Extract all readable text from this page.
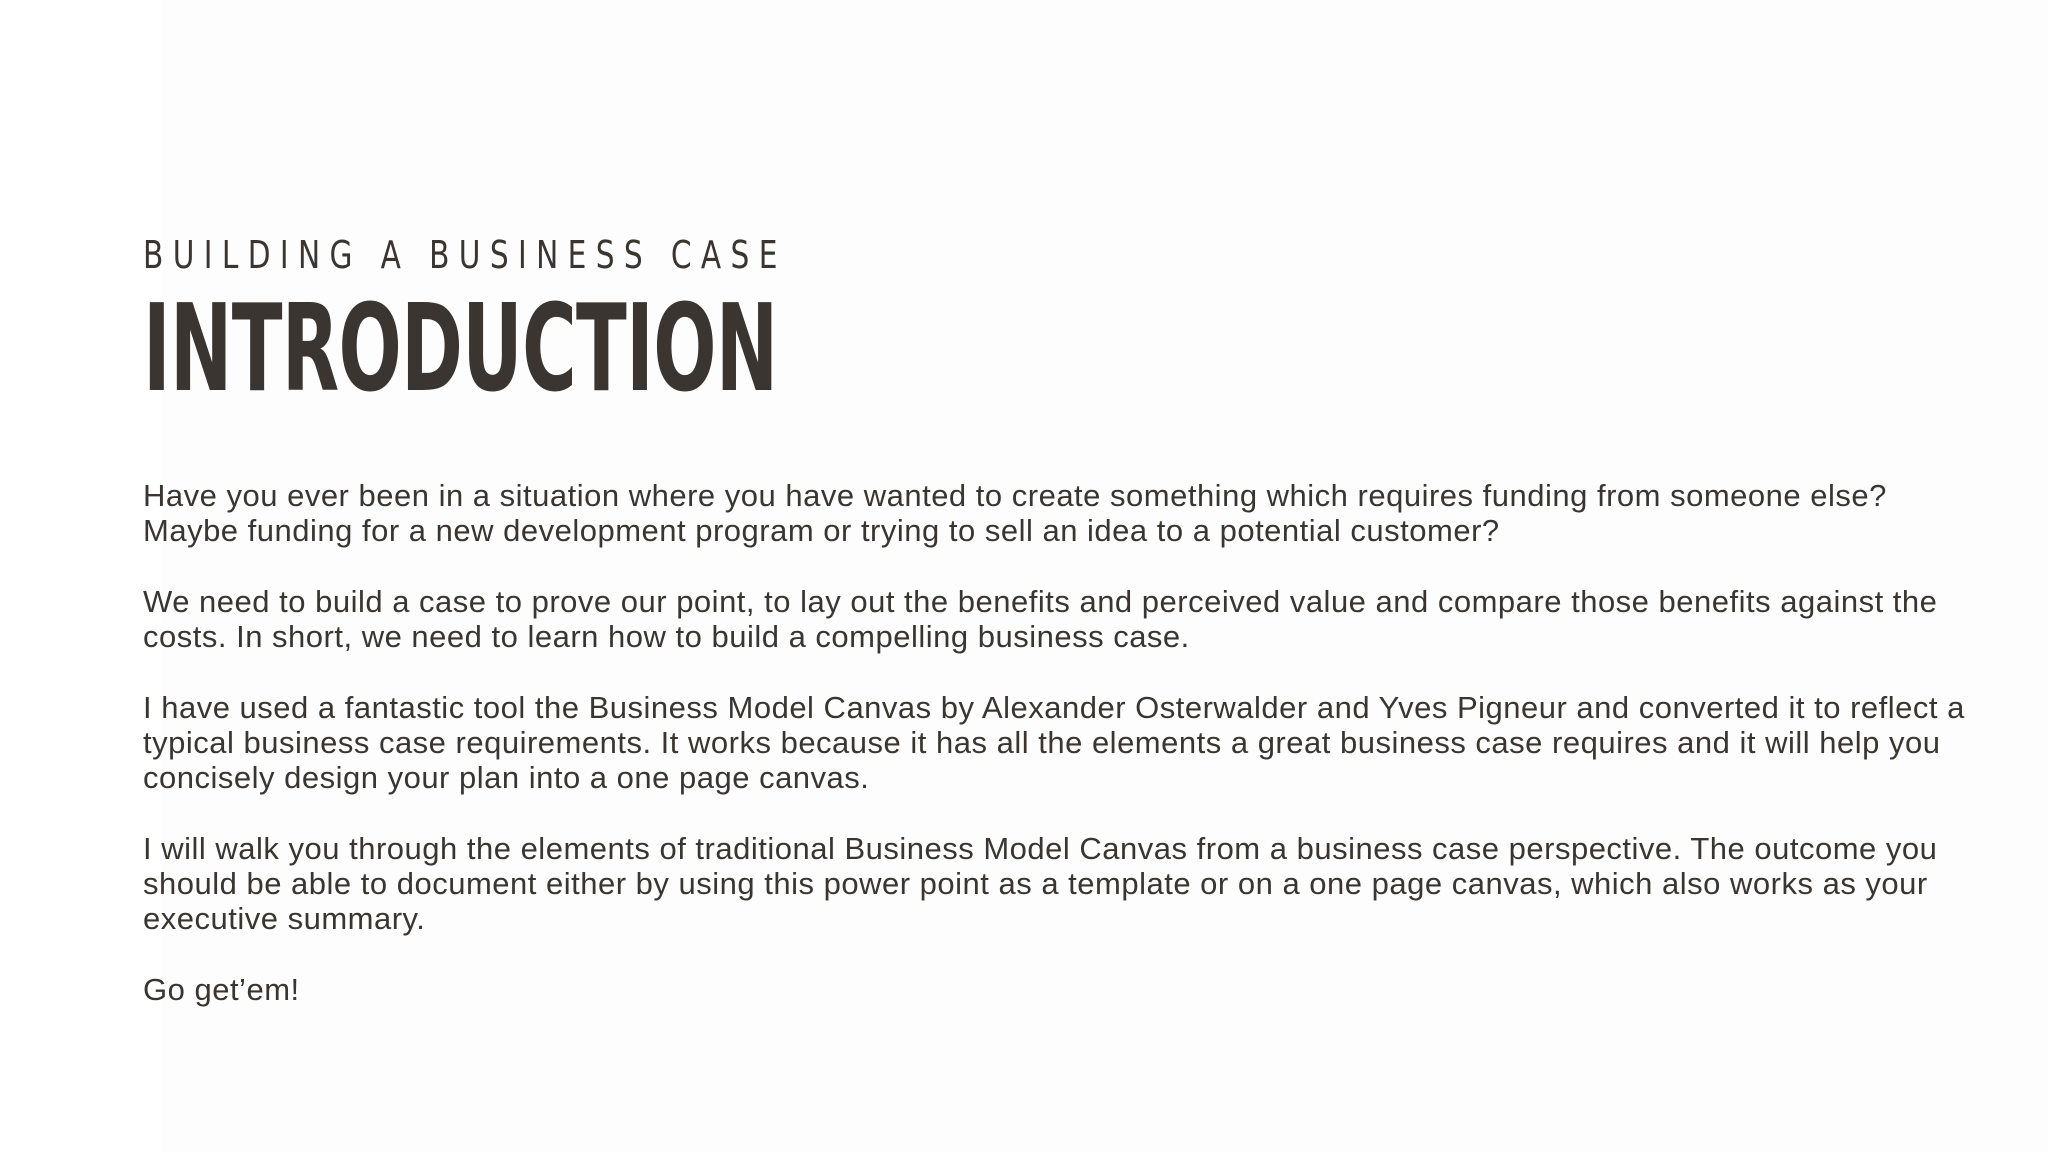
BUILDING A BUSINESS CASE
INTRODUCTION

Have you ever been in a situation where you have wanted to create something which requires funding from someone else? Maybe funding for a new development program or trying to sell an idea to a potential customer?

We need to build a case to prove our point, to lay out the benefits and perceived value and compare those benefits against the costs. In short, we need to learn how to build a compelling business case.

I have used a fantastic tool the Business Model Canvas by Alexander Osterwalder and Yves Pigneur and converted it to reflect a typical business case requirements. It works because it has all the elements a great business case requires and it will help you concisely design your plan into a one page canvas.

I will walk you through the elements of traditional Business Model Canvas from a business case perspective. The outcome you should be able to document either by using this power point as a template or on a one page canvas, which also works as your executive summary.

Go get’em!
